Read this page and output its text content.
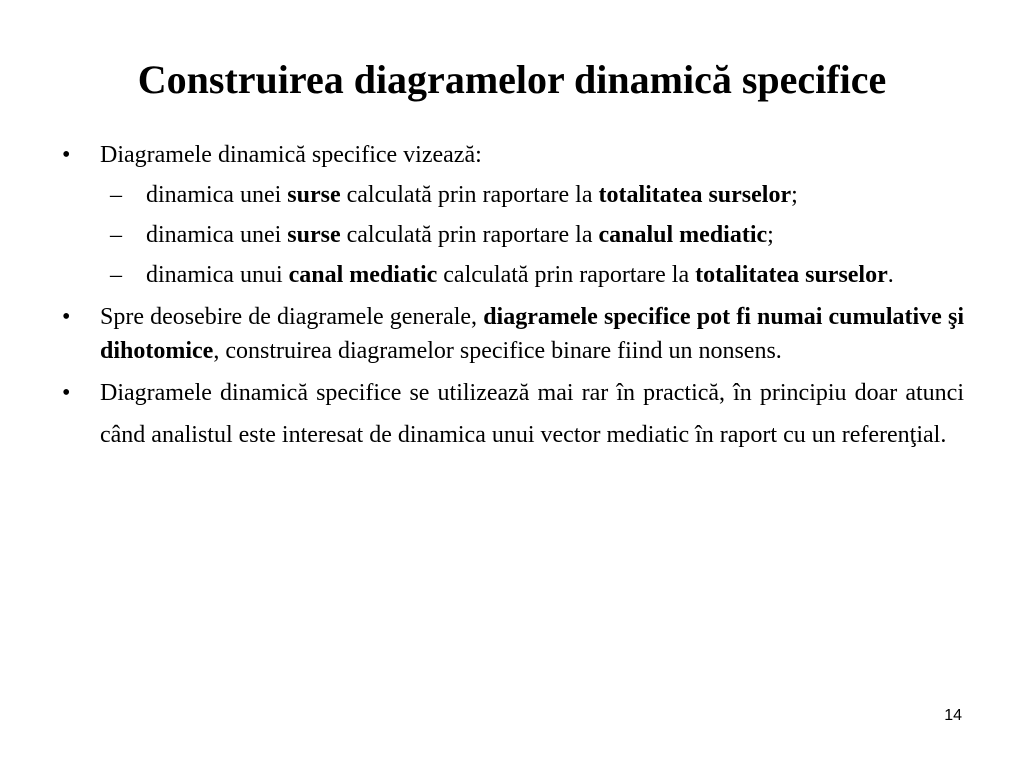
Construirea diagramelor dinamică specifice
• Diagramele dinamică specifice vizează:
– dinamica unei surse calculată prin raportare la totalitatea surselor;
– dinamica unei surse calculată prin raportare la canalul mediatic;
– dinamica unui canal mediatic calculată prin raportare la totalitatea surselor.
• Spre deosebire de diagramele generale, diagramele specifice pot fi numai cumulative şi dihotomice, construirea diagramelor specifice binare fiind un nonsens.
• Diagramele dinamică specifice se utilizează mai rar în practică, în principiu doar atunci când analistul este interesat de dinamica unui vector mediatic în raport cu un referenţial.
14
